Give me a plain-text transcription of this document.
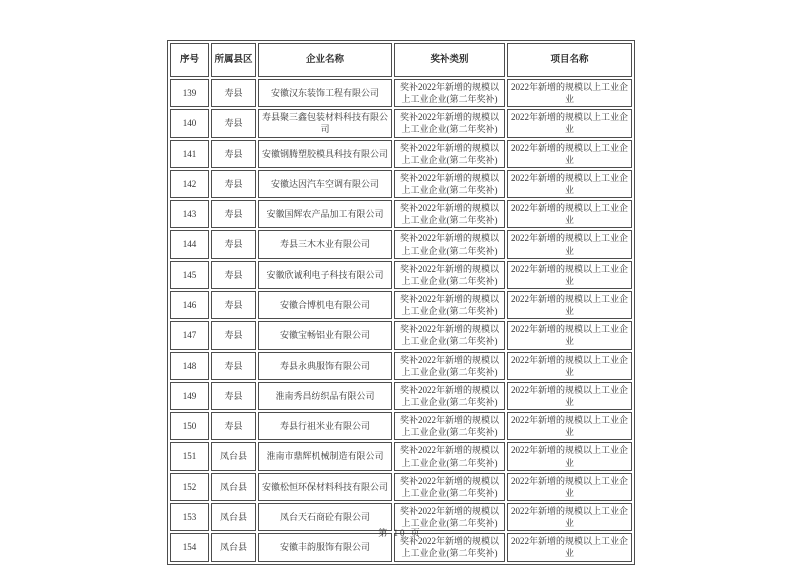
序号	所属县区	企业名称	奖补类别	项目名称
139	寿县	安徽汉东装饰工程有限公司	奖补2022年新增的规模以上工业企业(第二年奖补)	2022年新增的规模以上工业企业
140	寿县	寿县聚三鑫包装材料科技有限公司	奖补2022年新增的规模以上工业企业(第二年奖补)	2022年新增的规模以上工业企业
141	寿县	安徽钢腾塑胶模具科技有限公司	奖补2022年新增的规模以上工业企业(第二年奖补)	2022年新增的规模以上工业企业
142	寿县	安徽达因汽车空调有限公司	奖补2022年新增的规模以上工业企业(第二年奖补)	2022年新增的规模以上工业企业
143	寿县	安徽国辉农产品加工有限公司	奖补2022年新增的规模以上工业企业(第二年奖补)	2022年新增的规模以上工业企业
144	寿县	寿县三木木业有限公司	奖补2022年新增的规模以上工业企业(第二年奖补)	2022年新增的规模以上工业企业
145	寿县	安徽欣诚利电子科技有限公司	奖补2022年新增的规模以上工业企业(第二年奖补)	2022年新增的规模以上工业企业
146	寿县	安徽合博机电有限公司	奖补2022年新增的规模以上工业企业(第二年奖补)	2022年新增的规模以上工业企业
147	寿县	安徽宝畅铝业有限公司	奖补2022年新增的规模以上工业企业(第二年奖补)	2022年新增的规模以上工业企业
148	寿县	寿县永典服饰有限公司	奖补2022年新增的规模以上工业企业(第二年奖补)	2022年新增的规模以上工业企业
149	寿县	淮南秀昌纺织品有限公司	奖补2022年新增的规模以上工业企业(第二年奖补)	2022年新增的规模以上工业企业
150	寿县	寿县行祖米业有限公司	奖补2022年新增的规模以上工业企业(第二年奖补)	2022年新增的规模以上工业企业
151	凤台县	淮南市鼎辉机械制造有限公司	奖补2022年新增的规模以上工业企业(第二年奖补)	2022年新增的规模以上工业企业
152	凤台县	安徽松恒环保材料科技有限公司	奖补2022年新增的规模以上工业企业(第二年奖补)	2022年新增的规模以上工业企业
153	凤台县	凤台天石商砼有限公司	奖补2022年新增的规模以上工业企业(第二年奖补)	2022年新增的规模以上工业企业
154	凤台县	安徽丰韵服饰有限公司	奖补2022年新增的规模以上工业企业(第二年奖补)	2022年新增的规模以上工业企业
第 10 页
